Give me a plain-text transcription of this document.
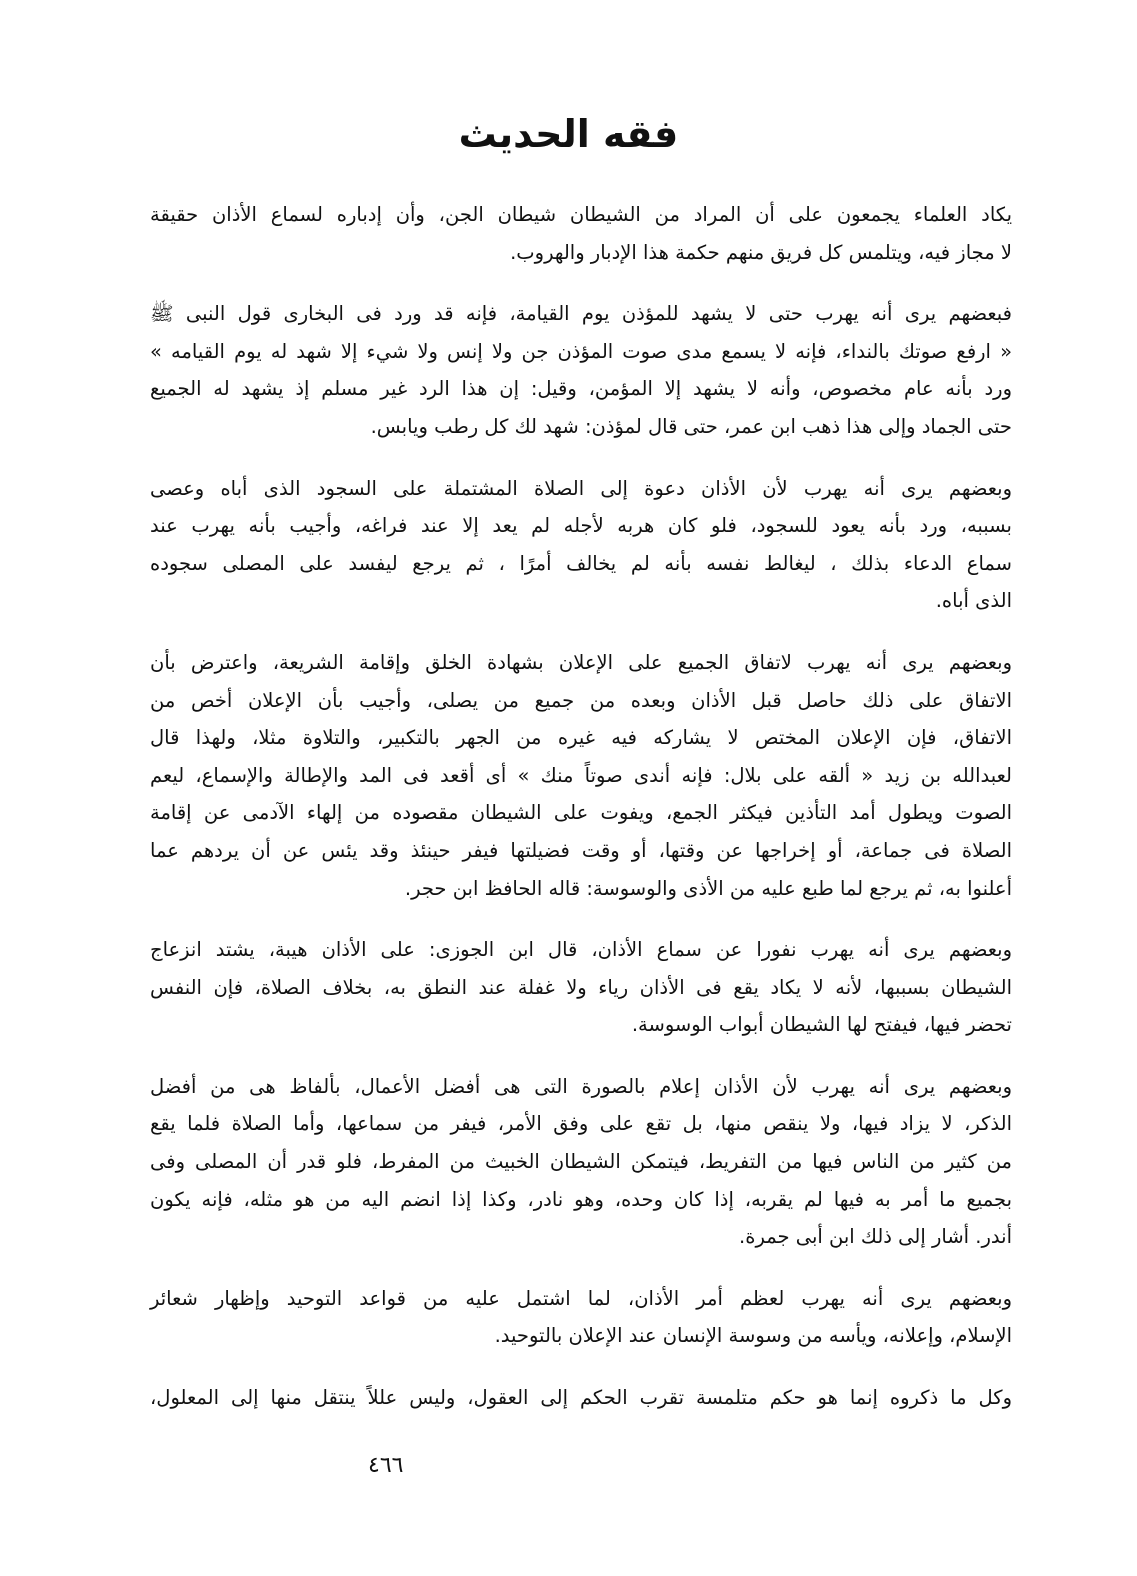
فقه الحديث
يكاد العلماء يجمعون على أن المراد من الشيطان شيطان الجن، وأن إدباره لسماع الأذان حقيقة
لا مجاز فيه، ويتلمس كل فريق منهم حكمة هذا الإدبار والهروب.
فبعضهم يرى أنه يهرب حتى لا يشهد للمؤذن يوم القيامة، فإنه قد ورد فى البخارى قول النبى ﷺ
« ارفع صوتك بالنداء، فإنه لا يسمع مدى صوت المؤذن جن ولا إنس ولا شيء إلا شهد له يوم القيامه »
ورد بأنه عام مخصوص، وأنه لا يشهد إلا المؤمن، وقيل: إن هذا الرد غير مسلم إذ يشهد له الجميع
حتى الجماد وإلى هذا ذهب ابن عمر، حتى قال لمؤذن: شهد لك كل رطب ويابس.
وبعضهم يرى أنه يهرب لأن الأذان دعوة إلى الصلاة المشتملة على السجود الذى أباه وعصى
بسببه، ورد بأنه يعود للسجود، فلو كان هربه لأجله لم يعد إلا عند فراغه، وأجيب بأنه يهرب عند
سماع الدعاء بذلك ، ليغالط نفسه بأنه لم يخالف أمرًا ، ثم يرجع ليفسد على المصلى سجوده
الذى أباه.
وبعضهم يرى أنه يهرب لاتفاق الجميع على الإعلان بشهادة الخلق وإقامة الشريعة، واعترض بأن
الاتفاق على ذلك حاصل قبل الأذان وبعده من جميع من يصلى، وأجيب بأن الإعلان أخص من
الاتفاق، فإن الإعلان المختص لا يشاركه فيه غيره من الجهر بالتكبير، والتلاوة مثلا، ولهذا قال
لعبدالله بن زيد « ألقه على بلال: فإنه أندى صوتاً منك » أى أقعد فى المد والإطالة والإسماع، ليعم
الصوت ويطول أمد التأذين فيكثر الجمع، ويفوت على الشيطان مقصوده من إلهاء الآدمى عن إقامة
الصلاة فى جماعة، أو إخراجها عن وقتها، أو وقت فضيلتها فيفر حينئذ وقد يئس عن أن يردهم عما
أعلنوا به، ثم يرجع لما طبع عليه من الأذى والوسوسة: قاله الحافظ ابن حجر.
وبعضهم يرى أنه يهرب نفورا عن سماع الأذان، قال ابن الجوزى: على الأذان هيبة، يشتد انزعاج
الشيطان بسببها، لأنه لا يكاد يقع فى الأذان رياء ولا غفلة عند النطق به، بخلاف الصلاة، فإن النفس
تحضر فيها، فيفتح لها الشيطان أبواب الوسوسة.
وبعضهم يرى أنه يهرب لأن الأذان إعلام بالصورة التى هى أفضل الأعمال، بألفاظ هى من أفضل
الذكر، لا يزاد فيها، ولا ينقص منها، بل تقع على وفق الأمر، فيفر من سماعها، وأما الصلاة فلما يقع
من كثير من الناس فيها من التفريط، فيتمكن الشيطان الخبيث من المفرط، فلو قدر أن المصلى وفى
بجميع ما أمر به فيها لم يقربه، إذا كان وحده، وهو نادر، وكذا إذا انضم اليه من هو مثله، فإنه يكون
أندر. أشار إلى ذلك ابن أبى جمرة.
وبعضهم يرى أنه يهرب لعظم أمر الأذان، لما اشتمل عليه من قواعد التوحيد وإظهار شعائر
الإسلام، وإعلانه، ويأسه من وسوسة الإنسان عند الإعلان بالتوحيد.
وكل ما ذكروه إنما هو حكم متلمسة تقرب الحكم إلى العقول، وليس عللاً ينتقل منها إلى المعلول،
٤٦٦
